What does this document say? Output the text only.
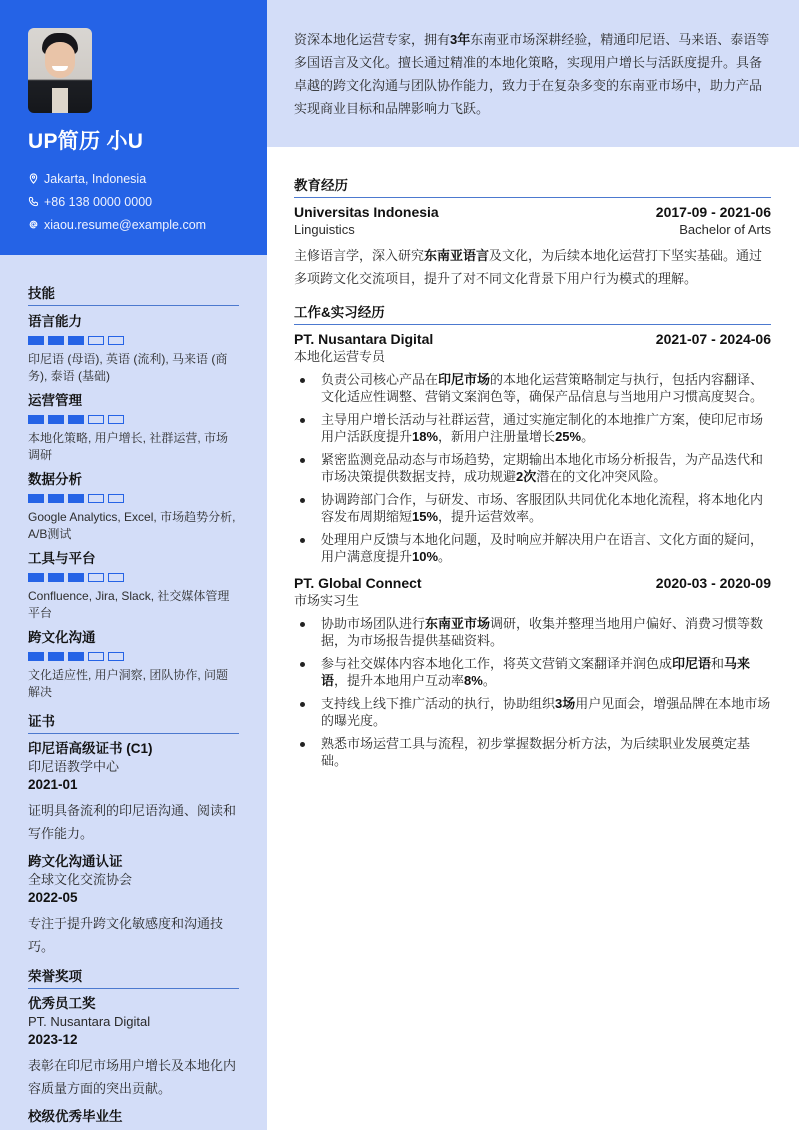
UP简历 小U
Jakarta, Indonesia
+86 138 0000 0000
xiaou.resume@example.com
技能
语言能力
印尼语 (母语), 英语 (流利), 马来语 (商务), 泰语 (基础)
运营管理
本地化策略, 用户增长, 社群运营, 市场调研
数据分析
Google Analytics, Excel, 市场趋势分析, A/B测试
工具与平台
Confluence, Jira, Slack, 社交媒体管理平台
跨文化沟通
文化适应性, 用户洞察, 团队协作, 问题解决
证书
印尼语高级证书 (C1)
印尼语教学中心
2021-01
证明具备流利的印尼语沟通、阅读和写作能力。
跨文化沟通认证
全球文化交流协会
2022-05
专注于提升跨文化敏感度和沟通技巧。
荣誉奖项
优秀员工奖
PT. Nusantara Digital
2023-12
表彰在印尼市场用户增长及本地化内容质量方面的突出贡献。
校级优秀毕业生

资深本地化运营专家，拥有3年东南亚市场深耕经验，精通印尼语、马来语、泰语等多国语言及文化。擅长通过精准的本地化策略，实现用户增长与活跃度提升。具备卓越的跨文化沟通与团队协作能力，致力于在复杂多变的东南亚市场中，助力产品实现商业目标和品牌影响力飞跃。

教育经历
Universitas Indonesia	2017-09 - 2021-06
Linguistics	Bachelor of Arts
主修语言学，深入研究东南亚语言及文化，为后续本地化运营打下坚实基础。通过多项跨文化交流项目，提升了对不同文化背景下用户行为模式的理解。
工作&实习经历
PT. Nusantara Digital	2021-07 - 2024-06
本地化运营专员
负责公司核心产品在印尼市场的本地化运营策略制定与执行，包括内容翻译、文化适应性调整、营销文案润色等，确保产品信息与当地用户习惯高度契合。
主导用户增长活动与社群运营，通过实施定制化的本地推广方案，使印尼市场用户活跃度提升18%，新用户注册量增长25%。
紧密监测竞品动态与市场趋势，定期输出本地化市场分析报告，为产品迭代和市场决策提供数据支持，成功规避2次潜在的文化冲突风险。
协调跨部门合作，与研发、市场、客服团队共同优化本地化流程，将本地化内容发布周期缩短15%，提升运营效率。
处理用户反馈与本地化问题，及时响应并解决用户在语言、文化方面的疑问，用户满意度提升10%。
PT. Global Connect	2020-03 - 2020-09
市场实习生
协助市场团队进行东南亚市场调研，收集并整理当地用户偏好、消费习惯等数据，为市场报告提供基础资料。
参与社交媒体内容本地化工作，将英文营销文案翻译并润色成印尼语和马来语，提升本地用户互动率8%。
支持线上线下推广活动的执行，协助组织3场用户见面会，增强品牌在本地市场的曝光度。
熟悉市场运营工具与流程，初步掌握数据分析方法，为后续职业发展奠定基础。
